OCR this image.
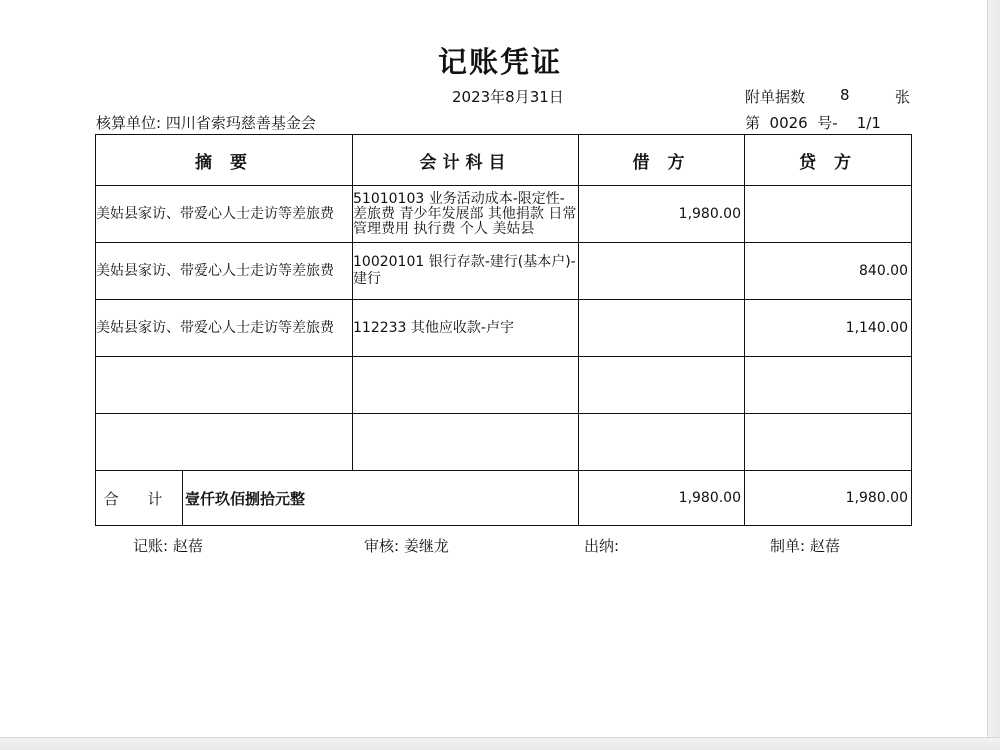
记账凭证
2023年8月31日	附单据数 8	张
核算单位: 四川省索玛慈善基金会	第  0026  号-    1/1
摘 要	会计科目	借 方	贷 方
美姑县家访、带爱心人士走访等差旅费	51010103 业务活动成本-限定性-差旅费 青少年发展部 其他捐款 日常管理费用 执行费 个人 美姑县	1,980.00	
美姑县家访、带爱心人士走访等差旅费	10020101 银行存款-建行(基本户)-建行		840.00
美姑县家访、带爱心人士走访等差旅费	112233 其他应收款-卢宇		1,140.00

合 计 壹仟玖佰捌拾元整		1,980.00	1,980.00
记账: 赵蓓	审核: 姜继龙	出纳:	制单: 赵蓓
